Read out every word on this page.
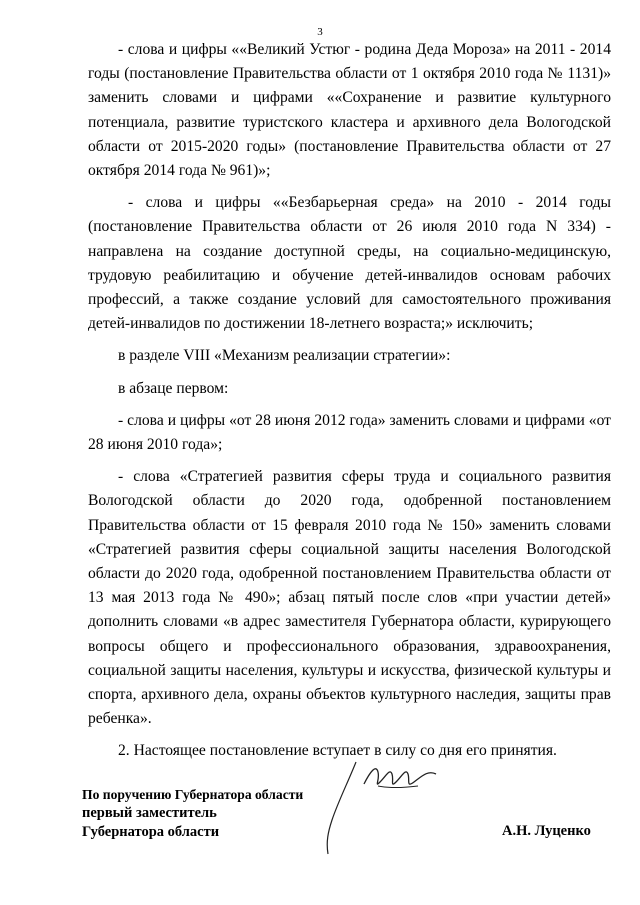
3

- слова и цифры ««Великий Устюг - родина Деда Мороза» на 2011 - 2014 годы (постановление Правительства области от 1 октября 2010 года № 1131)» заменить словами и цифрами ««Сохранение и развитие культурного потенциала, развитие туристского кластера и архивного дела Вологодской области от 2015-2020 годы» (постановление Правительства области от 27 октября 2014 года № 961)»;

- слова и цифры ««Безбарьерная среда» на 2010 - 2014 годы (постановление Правительства области от 26 июля 2010 года N 334) - направлена на создание доступной среды, на социально-медицинскую, трудовую реабилитацию и обучение детей-инвалидов основам рабочих профессий, а также создание условий для самостоятельного проживания детей-инвалидов по достижении 18-летнего возраста;» исключить;

в разделе VIII «Механизм реализации стратегии»:

в абзаце первом:

- слова и цифры «от 28 июня 2012 года» заменить словами и цифрами «от 28 июня 2010 года»;

- слова «Стратегией развития сферы труда и социального развития Вологодской области до 2020 года, одобренной постановлением Правительства области от 15 февраля 2010 года № 150» заменить словами «Стратегией развития сферы социальной защиты населения Вологодской области до 2020 года, одобренной постановлением Правительства области от 13 мая 2013 года № 490»; абзац пятый после слов «при участии детей» дополнить словами «в адрес заместителя Губернатора области, курирующего вопросы общего и профессионального образования, здравоохранения, социальной защиты населения, культуры и искусства, физической культуры и спорта, архивного дела, охраны объектов культурного наследия, защиты прав ребенка».

2. Настоящее постановление вступает в силу со дня его принятия.

По поручению Губернатора области
первый заместитель
Губернатора области	А.Н. Луценко
